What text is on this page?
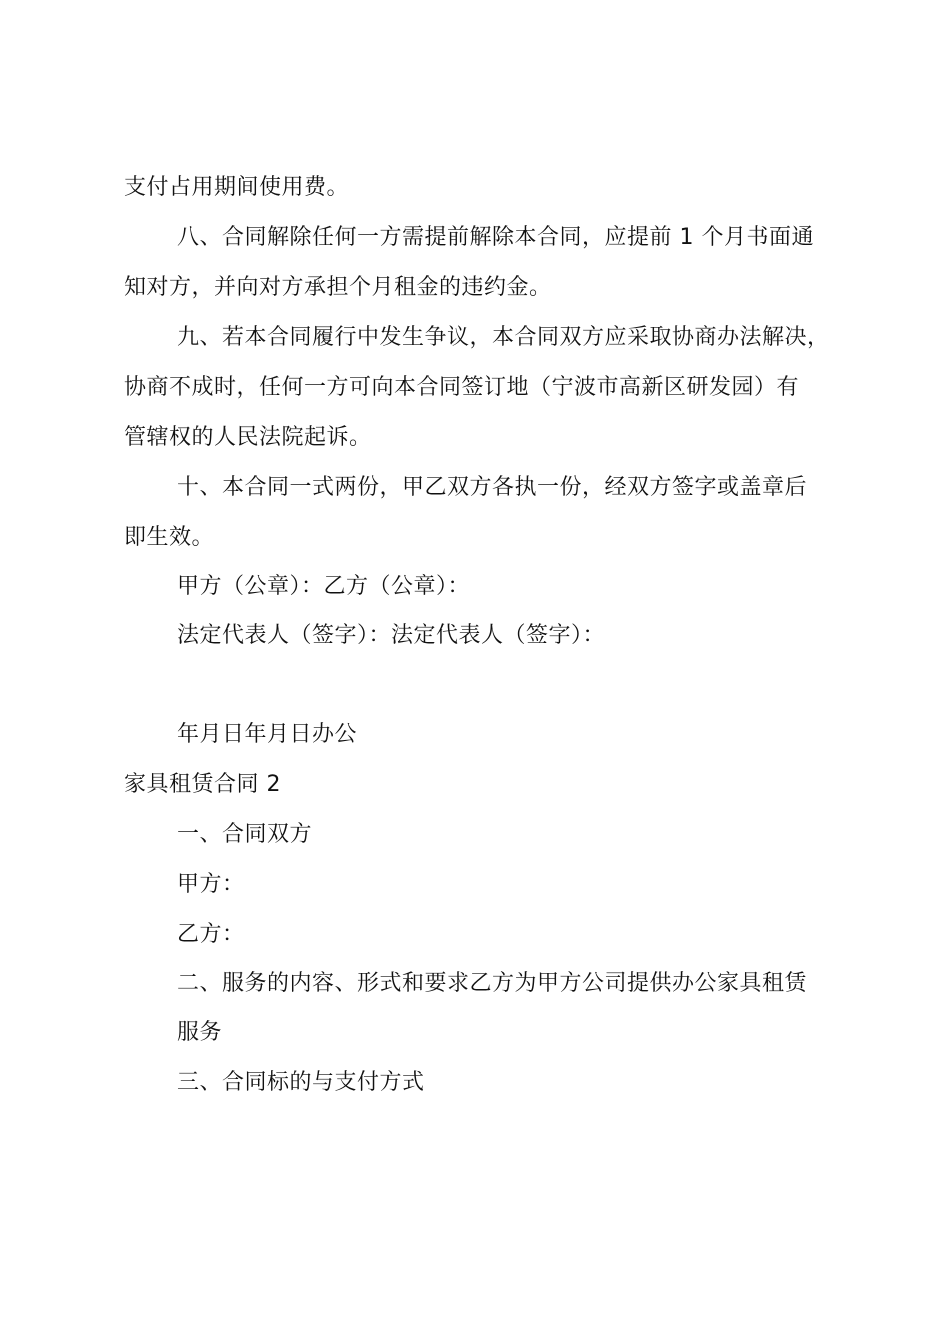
支付占用期间使用费。
八、合同解除任何一方需提前解除本合同，应提前 1 个月书面通
知对方，并向对方承担个月租金的违约金。
九、若本合同履行中发生争议，本合同双方应采取协商办法解决，
协商不成时，任何一方可向本合同签订地（宁波市高新区研发园）有
管辖权的人民法院起诉。
十、本合同一式两份，甲乙双方各执一份，经双方签字或盖章后
即生效。
甲方（公章）：乙方（公章）：
法定代表人（签字）：法定代表人（签字）：
年月日年月日办公
家具租赁合同 2
一、合同双方
甲方：
乙方：
二、服务的内容、形式和要求乙方为甲方公司提供办公家具租赁
服务
三、合同标的与支付方式
